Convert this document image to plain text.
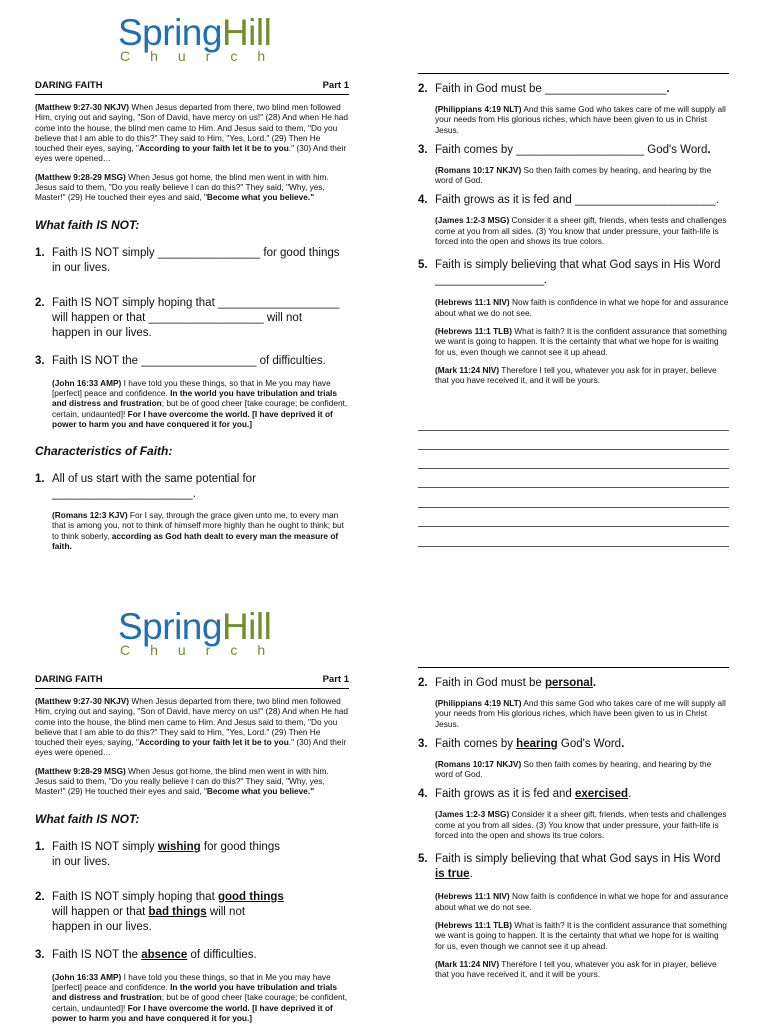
SpringHill
Church
DARING FAITH	Part 1

(Matthew 9:27-30 NKJV) When Jesus departed from there, two blind men followed Him, crying out and saying, "Son of David, have mercy on us!" (28) And when He had come into the house, the blind men came to Him. And Jesus said to them, "Do you believe that I am able to do this?" They said to Him, "Yes, Lord." (29) Then He touched their eyes, saying, "According to your faith let it be to you." (30) And their eyes were opened…

(Matthew 9:28-29 MSG) When Jesus got home, the blind men went in with him. Jesus said to them, "Do you really believe I can do this?" They said, "Why, yes, Master!" (29) He touched their eyes and said, "Become what you believe."

What faith IS NOT:

1. Faith IS NOT simply ________________ for good things
in our lives.
2. Faith IS NOT simply hoping that ___________________
will happen or that __________________ will not
happen in our lives.
3. Faith IS NOT the __________________ of difficulties.

(John 16:33 AMP) I have told you these things, so that in Me you may have [perfect] peace and confidence. In the world you have tribulation and trials and distress and frustration; but be of good cheer [take courage; be confident, certain, undaunted]! For I have overcome the world. [I have deprived it of power to harm you and have conquered it for you.]

Characteristics of Faith:

1. All of us start with the same potential for
______________________.

(Romans 12:3 KJV) For I say, through the grace given unto me, to every man that is among you, not to think of himself more highly than he ought to think; but to think soberly, according as God hath dealt to every man the measure of faith.

2. Faith in God must be ___________________.

(Philippians 4:19 NLT) And this same God who takes care of me will supply all your needs from His glorious riches, which have been given to us in Christ Jesus.

3. Faith comes by ____________________ God's Word.

(Romans 10:17 NKJV) So then faith comes by hearing, and hearing by the word of God.

4. Faith grows as it is fed and ______________________.

(James 1:2-3 MSG) Consider it a sheer gift, friends, when tests and challenges come at you from all sides. (3) You know that under pressure, your faith-life is forced into the open and shows its true colors.

5. Faith is simply believing that what God says in His Word
_________________.

(Hebrews 11:1 NIV) Now faith is confidence in what we hope for and assurance about what we do not see.

(Hebrews 11:1 TLB) What is faith? It is the confident assurance that something we want is going to happen. It is the certainty that what we hope for is waiting for us, even though we cannot see it up ahead.

(Mark 11:24 NIV) Therefore I tell you, whatever you ask for in prayer, believe that you have received it, and it will be yours.

SpringHill
Church
DARING FAITH	Part 1

(Matthew 9:27-30 NKJV) When Jesus departed from there, two blind men followed Him, crying out and saying, "Son of David, have mercy on us!" (28) And when He had come into the house, the blind men came to Him. And Jesus said to them, "Do you believe that I am able to do this?" They said to Him, "Yes, Lord." (29) Then He touched their eyes, saying, "According to your faith let it be to you." (30) And their eyes were opened…

(Matthew 9:28-29 MSG) When Jesus got home, the blind men went in with him. Jesus said to them, "Do you really believe I can do this?" They said, "Why, yes, Master!" (29) He touched their eyes and said, "Become what you believe."

What faith IS NOT:

1. Faith IS NOT simply wishing for good things
in our lives.
2. Faith IS NOT simply hoping that good things
will happen or that bad things will not
happen in our lives.
3. Faith IS NOT the absence of difficulties.

(John 16:33 AMP) I have told you these things, so that in Me you may have [perfect] peace and confidence. In the world you have tribulation and trials and distress and frustration; but be of good cheer [take courage; be confident, certain, undaunted]! For I have overcome the world. [I have deprived it of power to harm you and have conquered it for you.]

2. Faith in God must be personal.

(Philippians 4:19 NLT) And this same God who takes care of me will supply all your needs from His glorious riches, which have been given to us in Christ Jesus.

3. Faith comes by hearing God's Word.

(Romans 10:17 NKJV) So then faith comes by hearing, and hearing by the word of God.

4. Faith grows as it is fed and exercised.

(James 1:2-3 MSG) Consider it a sheer gift, friends, when tests and challenges come at you from all sides. (3) You know that under pressure, your faith-life is forced into the open and shows its true colors.

5. Faith is simply believing that what God says in His Word
is true.

(Hebrews 11:1 NIV) Now faith is confidence in what we hope for and assurance about what we do not see.

(Hebrews 11:1 TLB) What is faith? It is the confident assurance that something we want is going to happen. It is the certainty that what we hope for is waiting for us, even though we cannot see it up ahead.

(Mark 11:24 NIV) Therefore I tell you, whatever you ask for in prayer, believe that you have received it, and it will be yours.
